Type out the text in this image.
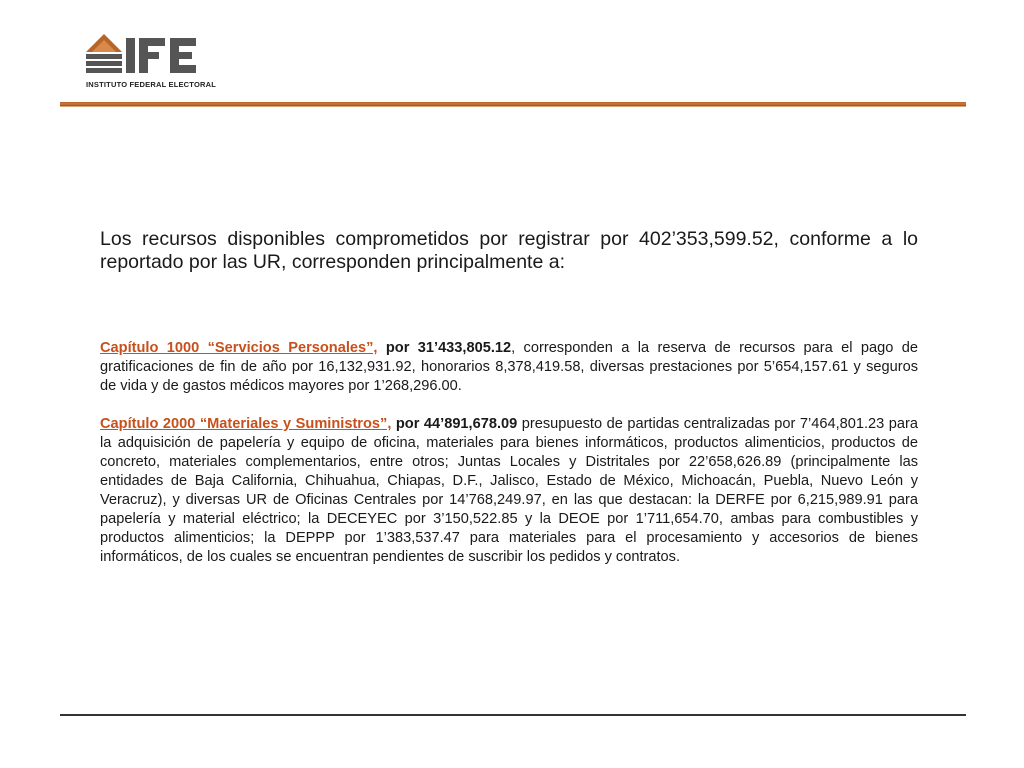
INSTITUTO FEDERAL ELECTORAL

Los recursos disponibles comprometidos por registrar por 402’353,599.52, conforme a lo reportado por las UR, corresponden principalmente a:

Capítulo 1000 “Servicios Personales”, por 31’433,805.12, corresponden a la reserva de recursos para el pago de gratificaciones de fin de año por 16,132,931.92, honorarios 8,378,419.58, diversas prestaciones por 5’654,157.61 y seguros de vida y de gastos médicos mayores por 1’268,296.00.

Capítulo 2000 “Materiales y Suministros”, por 44’891,678.09 presupuesto de partidas centralizadas por 7’464,801.23 para la adquisición de papelería y equipo de oficina, materiales para bienes informáticos, productos alimenticios, productos de concreto, materiales complementarios, entre otros; Juntas Locales y Distritales por 22’658,626.89 (principalmente las entidades de Baja California, Chihuahua, Chiapas, D.F., Jalisco, Estado de México, Michoacán, Puebla, Nuevo León y Veracruz), y diversas UR de Oficinas Centrales por 14’768,249.97, en las que destacan: la DERFE por 6,215,989.91 para papelería y material eléctrico; la DECEYEC por 3’150,522.85 y la DEOE por 1’711,654.70, ambas para combustibles y productos alimenticios; la DEPPP por 1’383,537.47 para materiales para el procesamiento y accesorios de bienes informáticos, de los cuales se encuentran pendientes de suscribir los pedidos y contratos.
